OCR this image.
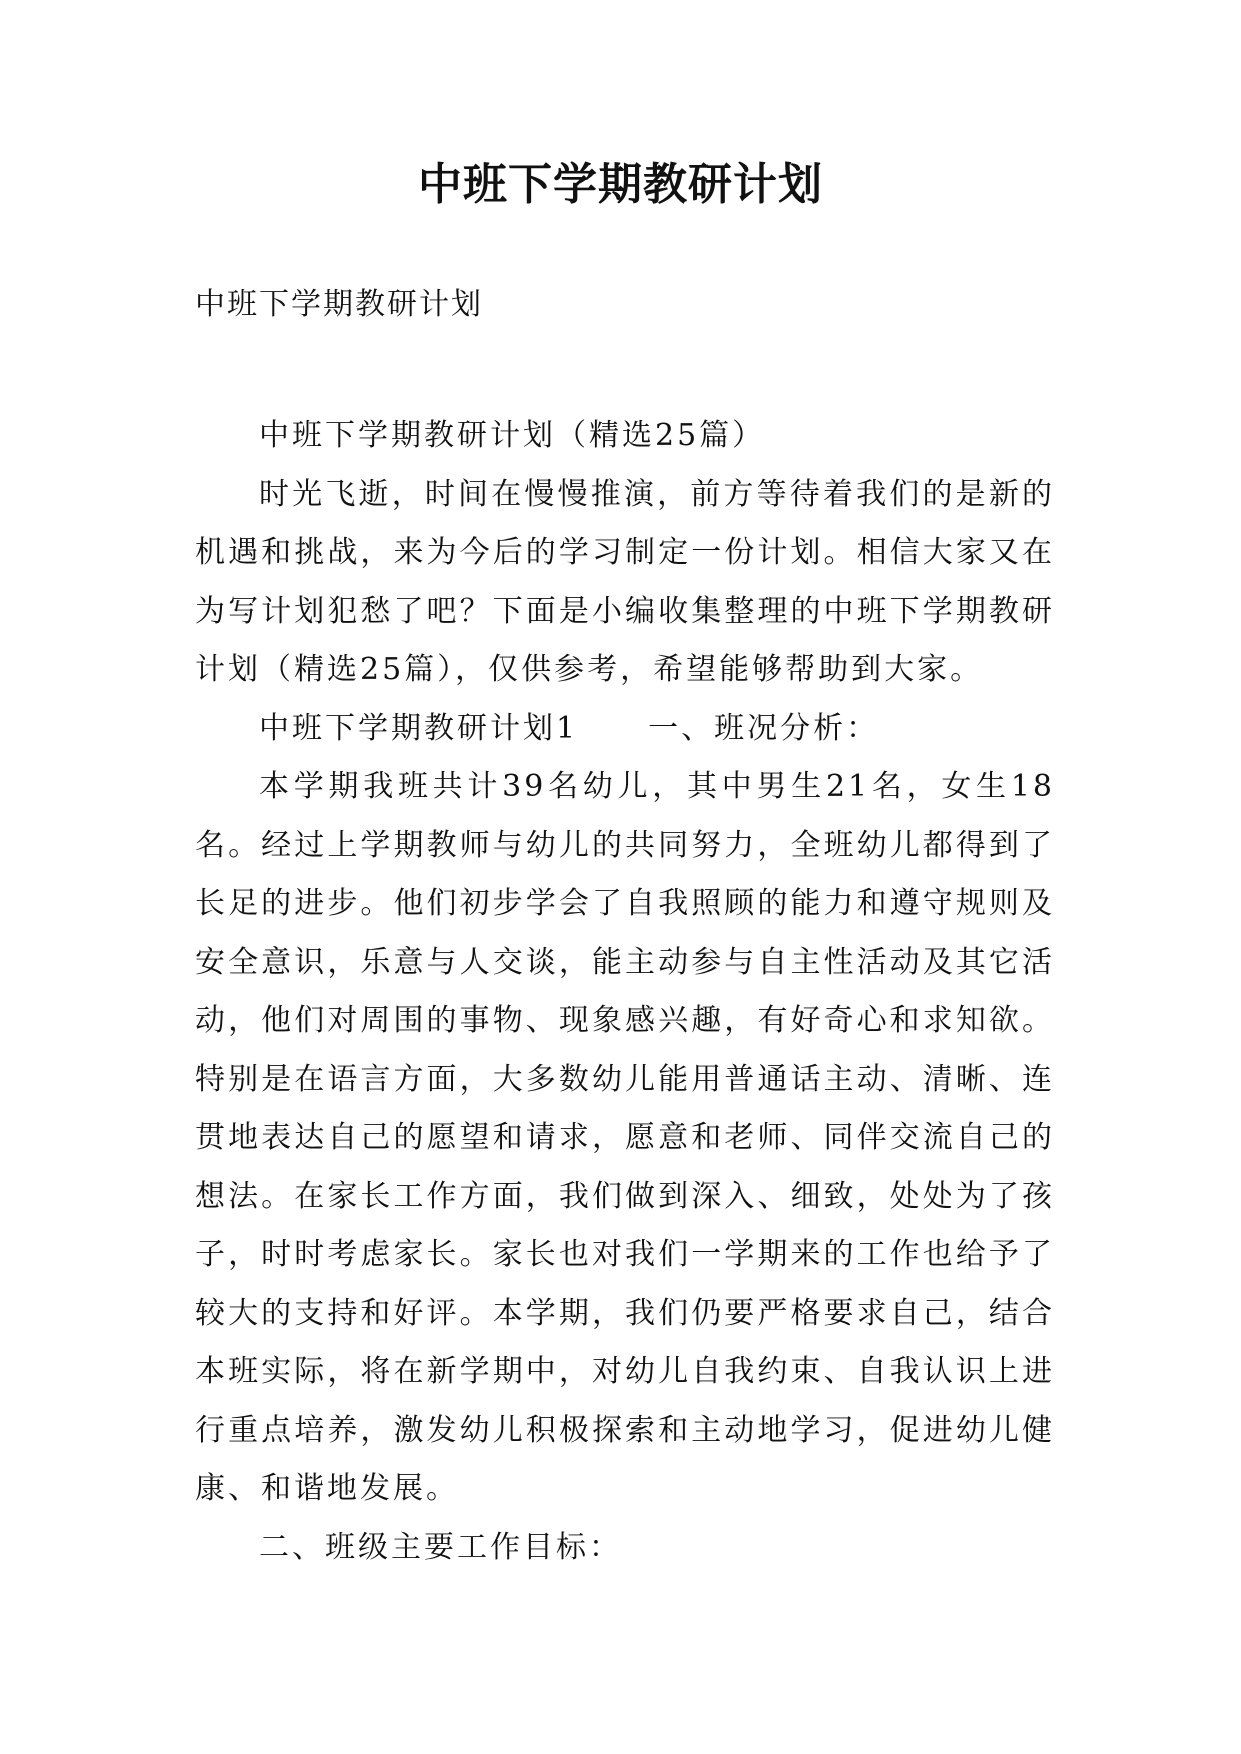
中班下学期教研计划
中班下学期教研计划

中班下学期教研计划（精选25篇）

时光飞逝，时间在慢慢推演，前方等待着我们的是新的机遇和挑战，来为今后的学习制定一份计划。相信大家又在为写计划犯愁了吧？下面是小编收集整理的中班下学期教研计划（精选25篇），仅供参考，希望能够帮助到大家。

中班下学期教研计划1 一、班况分析：

本学期我班共计39名幼儿，其中男生21名，女生18名。经过上学期教师与幼儿的共同努力，全班幼儿都得到了长足的进步。他们初步学会了自我照顾的能力和遵守规则及安全意识，乐意与人交谈，能主动参与自主性活动及其它活动，他们对周围的事物、现象感兴趣，有好奇心和求知欲。特别是在语言方面，大多数幼儿能用普通话主动、清晰、连贯地表达自己的愿望和请求，愿意和老师、同伴交流自己的想法。在家长工作方面，我们做到深入、细致，处处为了孩子，时时考虑家长。家长也对我们一学期来的工作也给予了较大的支持和好评。本学期，我们仍要严格要求自己，结合本班实际，将在新学期中，对幼儿自我约束、自我认识上进行重点培养，激发幼儿积极探索和主动地学习，促进幼儿健康、和谐地发展。

二、班级主要工作目标：
